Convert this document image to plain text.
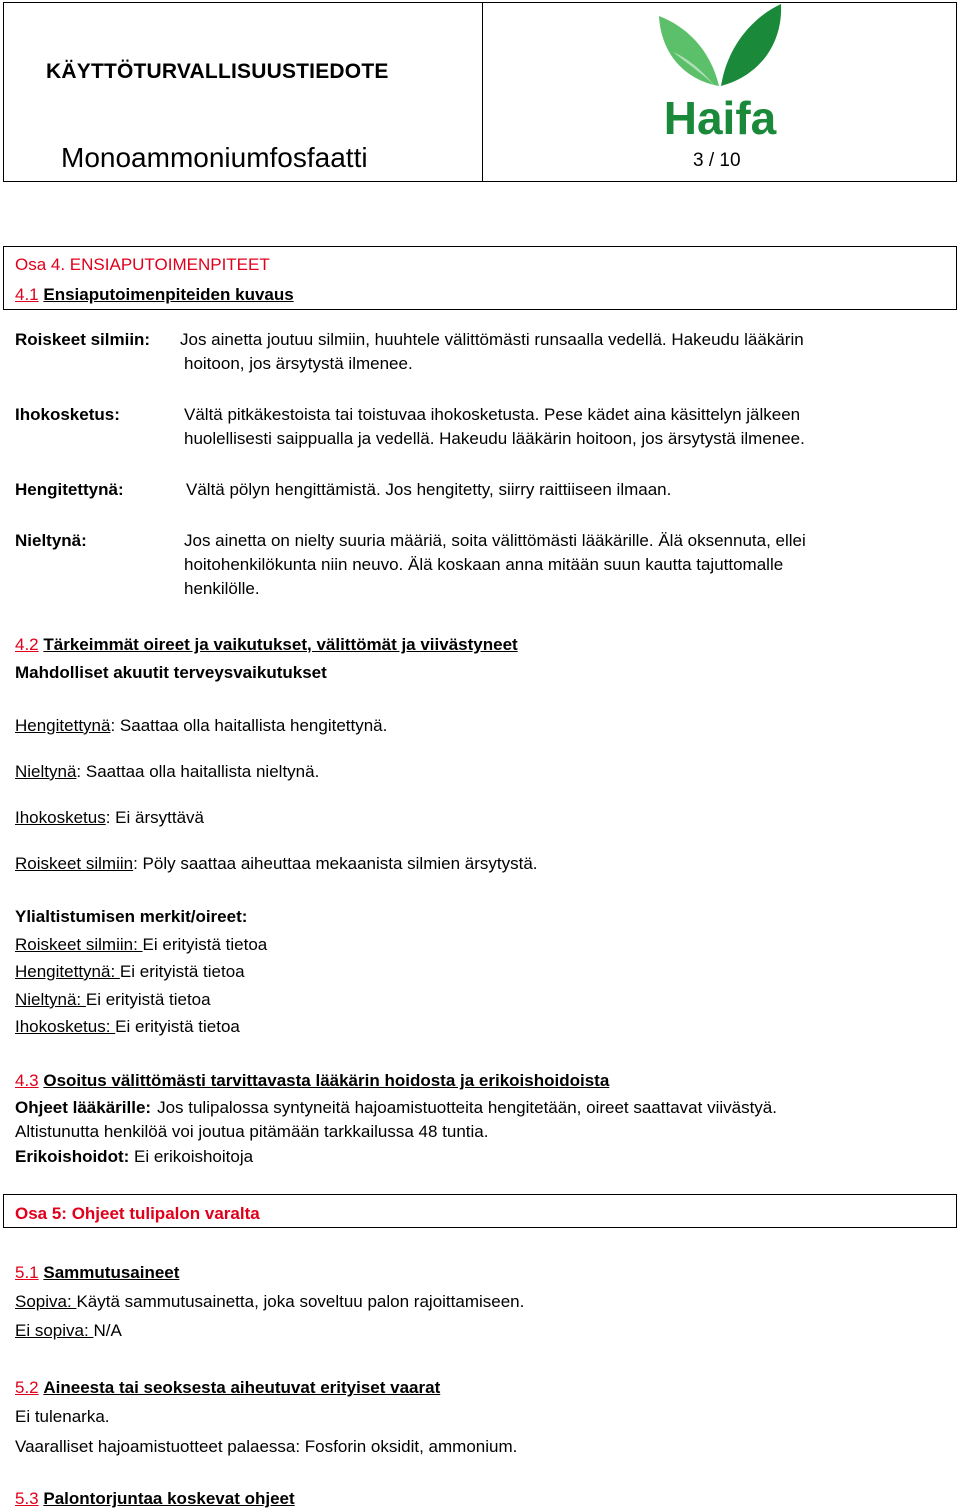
KÄYTTÖTURVALLISUUSTIEDOTE
Monoammoniumfosfaatti	3 / 10
Haifa
Osa 4. ENSIAPUTOIMENPITEET
4.1 Ensiaputoimenpiteiden kuvaus
Roiskeet silmiin: Jos ainetta joutuu silmiin, huuhtele välittömästi runsaalla vedellä. Hakeudu lääkärin
hoitoon, jos ärsytystä ilmenee.
Ihokosketus:	Vältä pitkäkestoista tai toistuvaa ihokosketusta. Pese kädet aina käsittelyn jälkeen
huolellisesti saippualla ja vedellä. Hakeudu lääkärin hoitoon, jos ärsytystä ilmenee.
Hengitettynä:	Vältä pölyn hengittämistä. Jos hengitetty, siirry raittiiseen ilmaan.
Nieltynä:	Jos ainetta on nielty suuria määriä, soita välittömästi lääkärille. Älä oksennuta, ellei
hoitohenkilökunta niin neuvo. Älä koskaan anna mitään suun kautta tajuttomalle
henkilölle.
4.2 Tärkeimmät oireet ja vaikutukset, välittömät ja viivästyneet
Mahdolliset akuutit terveysvaikutukset
Hengitettynä: Saattaa olla haitallista hengitettynä.
Nieltynä: Saattaa olla haitallista nieltynä.
Ihokosketus: Ei ärsyttävä
Roiskeet silmiin: Pöly saattaa aiheuttaa mekaanista silmien ärsytystä.
Ylialtistumisen merkit/oireet:
Roiskeet silmiin: Ei erityistä tietoa
Hengitettynä: Ei erityistä tietoa
Nieltynä: Ei erityistä tietoa
Ihokosketus: Ei erityistä tietoa
4.3 Osoitus välittömästi tarvittavasta lääkärin hoidosta ja erikoishoidoista
Ohjeet lääkärille: Jos tulipalossa syntyneitä hajoamistuotteita hengitetään, oireet saattavat viivästyä.
Altistunutta henkilöä voi joutua pitämään tarkkailussa 48 tuntia.
Erikoishoidot: Ei erikoishoitoja
Osa 5: Ohjeet tulipalon varalta
5.1 Sammutusaineet
Sopiva: Käytä sammutusainetta, joka soveltuu palon rajoittamiseen.
Ei sopiva: N/A
5.2 Aineesta tai seoksesta aiheutuvat erityiset vaarat
Ei tulenarka.
Vaaralliset hajoamistuotteet palaessa: Fosforin oksidit, ammonium.
5.3 Palontorjuntaa koskevat ohjeet
